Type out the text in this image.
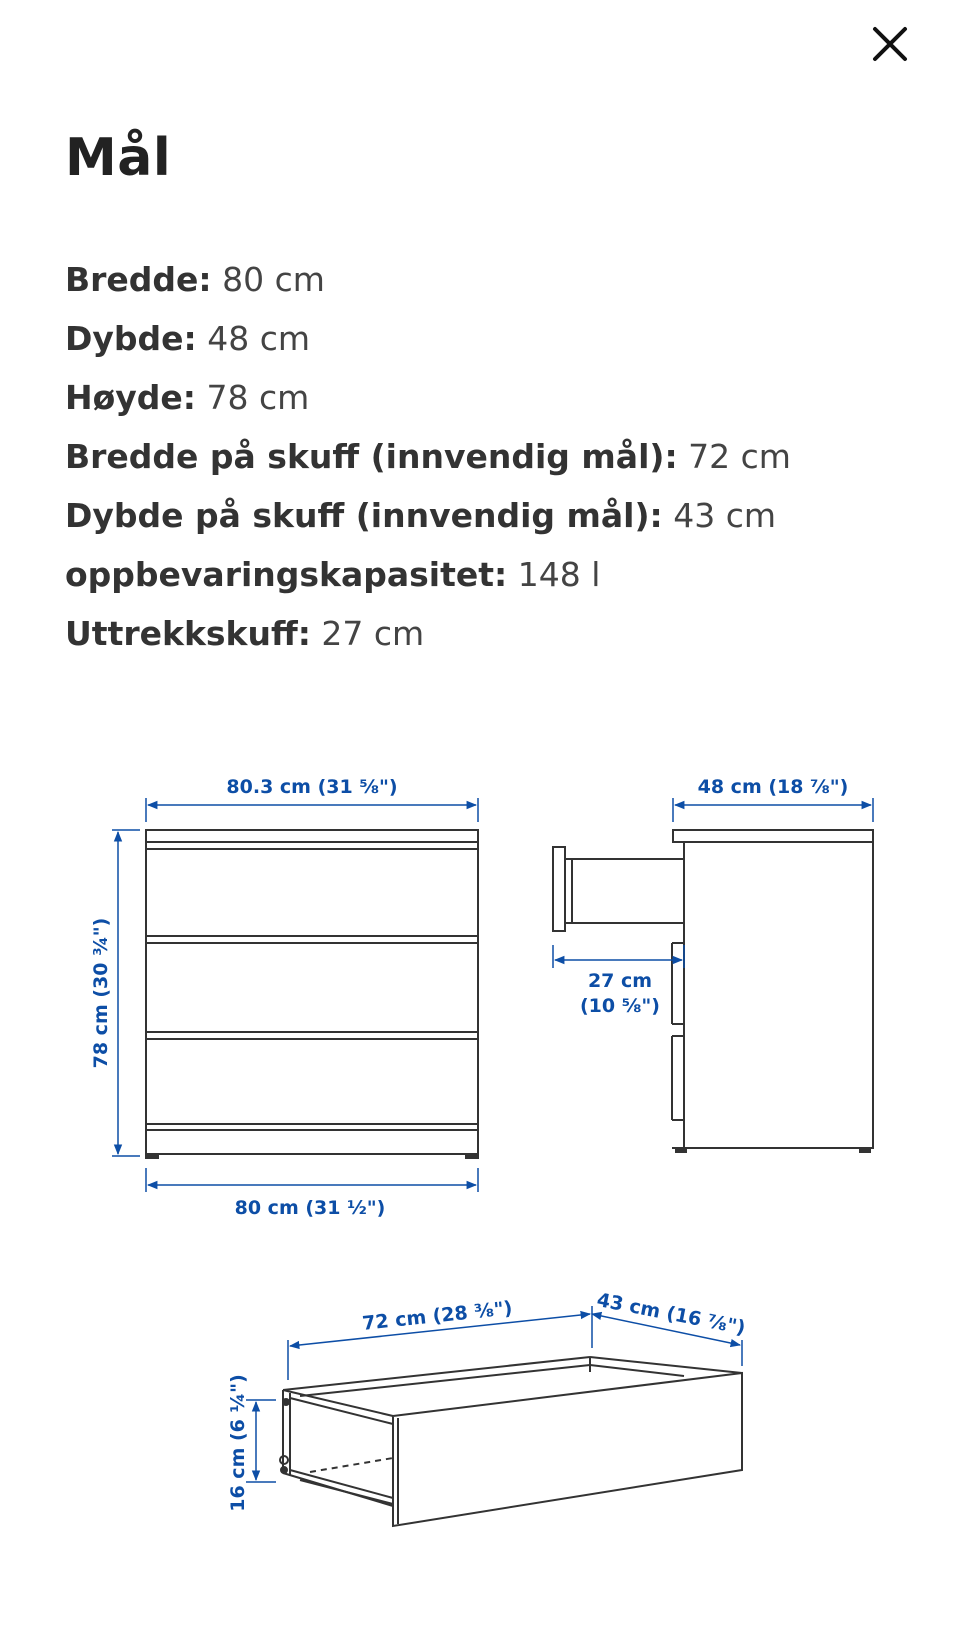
Mål
Bredde: 80 cm
Dybde: 48 cm
Høyde: 78 cm
Bredde på skuff (innvendig mål): 72 cm
Dybde på skuff (innvendig mål): 43 cm
oppbevaringskapasitet: 148 l
Uttrekkskuff: 27 cm
80.3 cm (31 ⅝")
78 cm (30 ¾")
80 cm (31 ½")
48 cm (18 ⅞")
27 cm
(10 ⅝")
72 cm (28 ⅜")	43 cm (16 ⅞")
16 cm (6 ¼")
